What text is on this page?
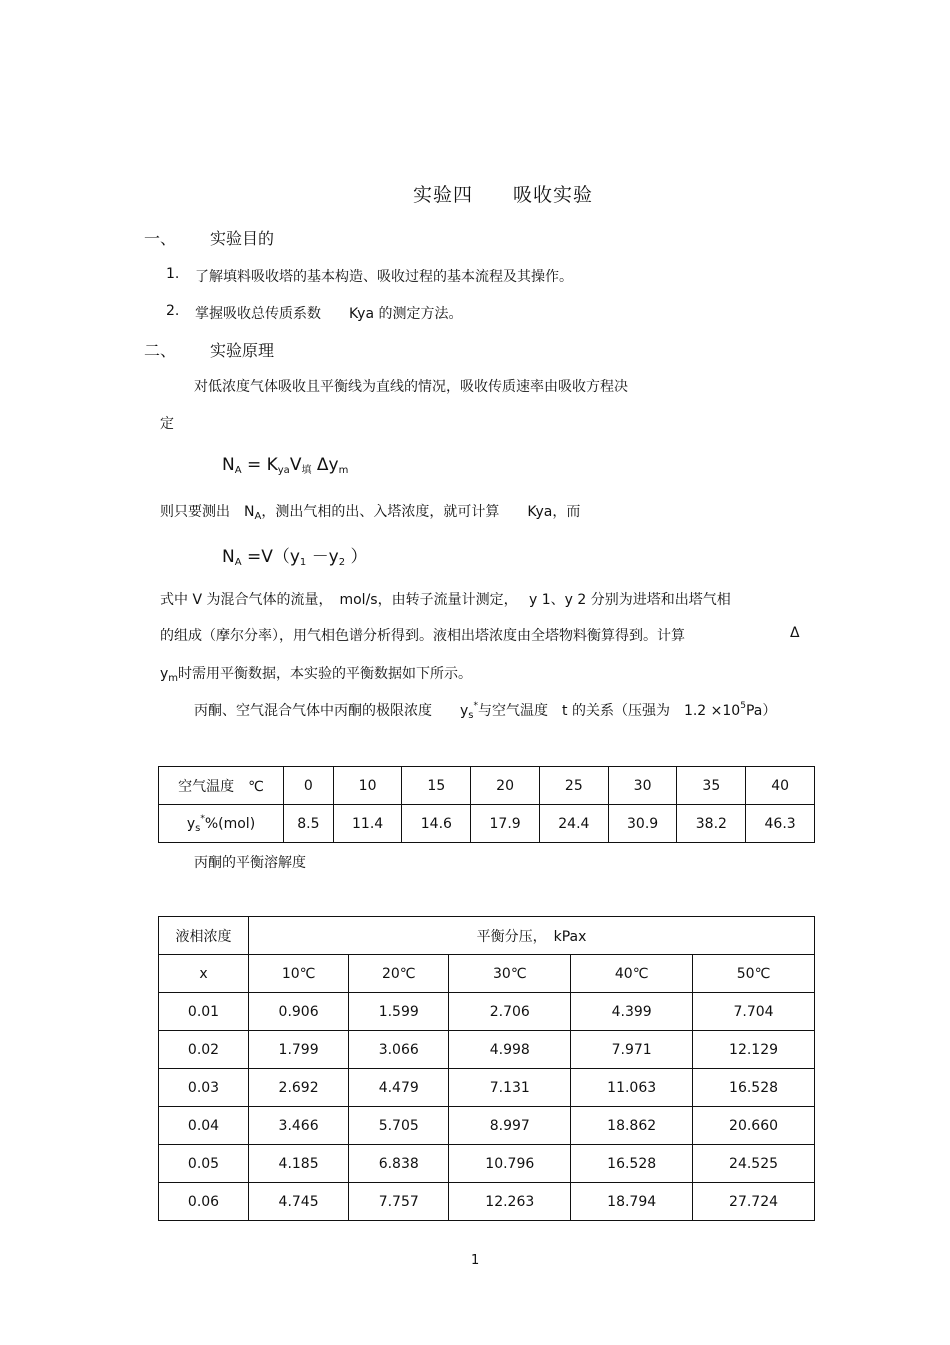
实验四　　吸收实验
一、 实验目的
1. 了解填料吸收塔的基本构造、吸收过程的基本流程及其操作。
2. 掌握吸收总传质系数　　Kya 的测定方法。
二、 实验原理
对低浓度气体吸收且平衡线为直线的情况，吸收传质速率由吸收方程决
定
$N_A = K_{ya}V_填$ $\Delta y_m$
则只要测出　$N_A$，测出气相的出、入塔浓度，就可计算　　Kya，而
$N_A =V(y_1 -y_2$ ）
式中 V 为混合气体的流量，　mol/s，由转子流量计测定，　 y 1、y 2 分别为进塔和出塔气相
的组成（摩尔分率），用气相色谱分析得到。液相出塔浓度由全塔物料衡算得到。计算	Δ
$y_m$时需用平衡数据，本实验的平衡数据如下所示。
丙酮、空气混合气体中丙酮的极限浓度　　$y_s^*$与空气温度　t 的关系（压强为　$1.2 \times 10^5Pa$）
空气温度　℃	0	10	15	20	25	30	35	40
$y_s^*\%(mol)$	8.5	11.4	14.6	17.9	24.4	30.9	38.2	46.3
丙酮的平衡溶解度
液相浓度	平衡分压，　kPax				
x	10℃	20℃	30℃	40℃	50℃
0.01	0.906	1.599	2.706	4.399	7.704
0.02	1.799	3.066	4.998	7.971	12.129
0.03	2.692	4.479	7.131	11.063	16.528
0.04	3.466	5.705	8.997	18.862	20.660
0.05	4.185	6.838	10.796	16.528	24.525
0.06	4.745	7.757	12.263	18.794	27.724
1
